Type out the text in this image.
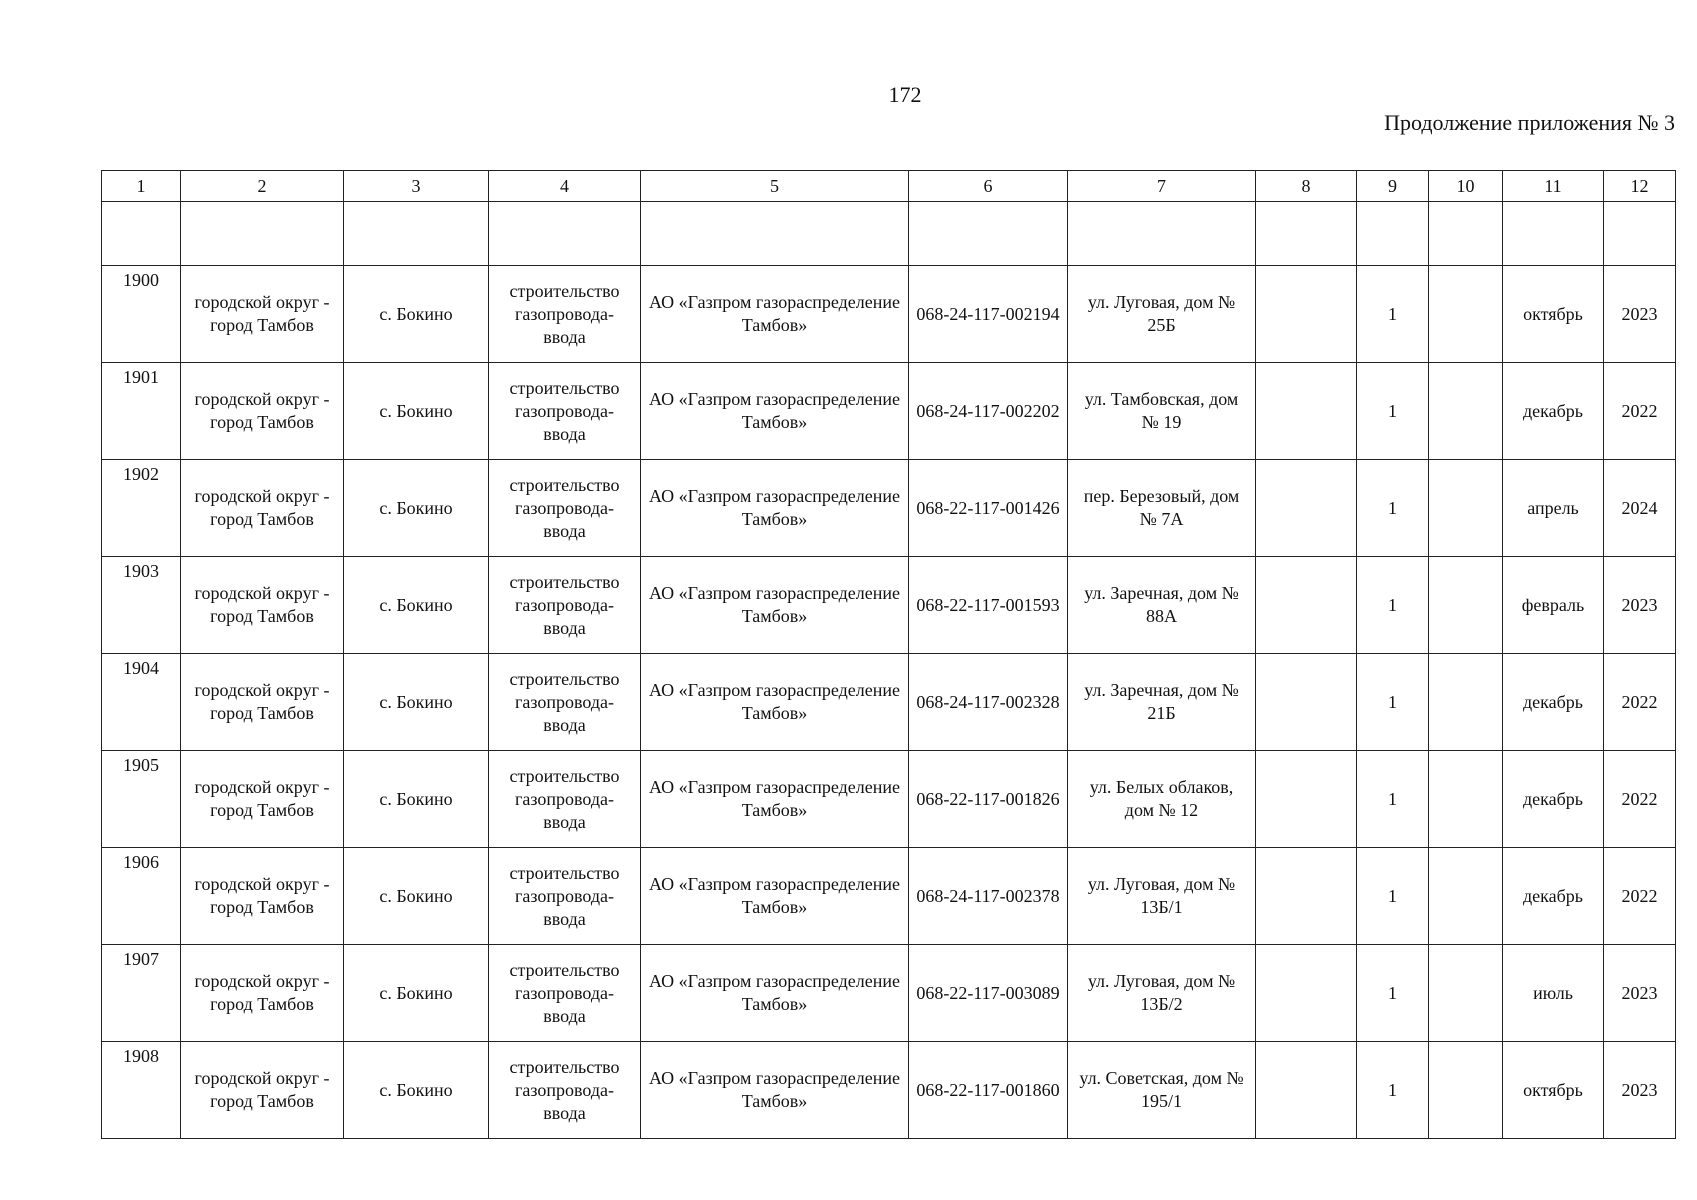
172
Продолжение приложения № 3
1	2	3	4	5	6	7	8	9	10	11	12

1900	городской округ - город Тамбов	с. Бокино	строительство газопровода-ввода	АО «Газпром газораспределение Тамбов»	068-24-117-002194	ул. Луговая, дом № 25Б		1		октябрь	2023
1901	городской округ - город Тамбов	с. Бокино	строительство газопровода-ввода	АО «Газпром газораспределение Тамбов»	068-24-117-002202	ул. Тамбовская, дом № 19		1		декабрь	2022
1902	городской округ - город Тамбов	с. Бокино	строительство газопровода-ввода	АО «Газпром газораспределение Тамбов»	068-22-117-001426	пер. Березовый, дом № 7А		1		апрель	2024
1903	городской округ - город Тамбов	с. Бокино	строительство газопровода-ввода	АО «Газпром газораспределение Тамбов»	068-22-117-001593	ул. Заречная, дом № 88А		1		февраль	2023
1904	городской округ - город Тамбов	с. Бокино	строительство газопровода-ввода	АО «Газпром газораспределение Тамбов»	068-24-117-002328	ул. Заречная, дом № 21Б		1		декабрь	2022
1905	городской округ - город Тамбов	с. Бокино	строительство газопровода-ввода	АО «Газпром газораспределение Тамбов»	068-22-117-001826	ул. Белых облаков, дом № 12		1		декабрь	2022
1906	городской округ - город Тамбов	с. Бокино	строительство газопровода-ввода	АО «Газпром газораспределение Тамбов»	068-24-117-002378	ул. Луговая, дом № 13Б/1		1		декабрь	2022
1907	городской округ - город Тамбов	с. Бокино	строительство газопровода-ввода	АО «Газпром газораспределение Тамбов»	068-22-117-003089	ул. Луговая, дом № 13Б/2		1		июль	2023
1908	городской округ - город Тамбов	с. Бокино	строительство газопровода-ввода	АО «Газпром газораспределение Тамбов»	068-22-117-001860	ул. Советская, дом № 195/1		1		октябрь	2023
